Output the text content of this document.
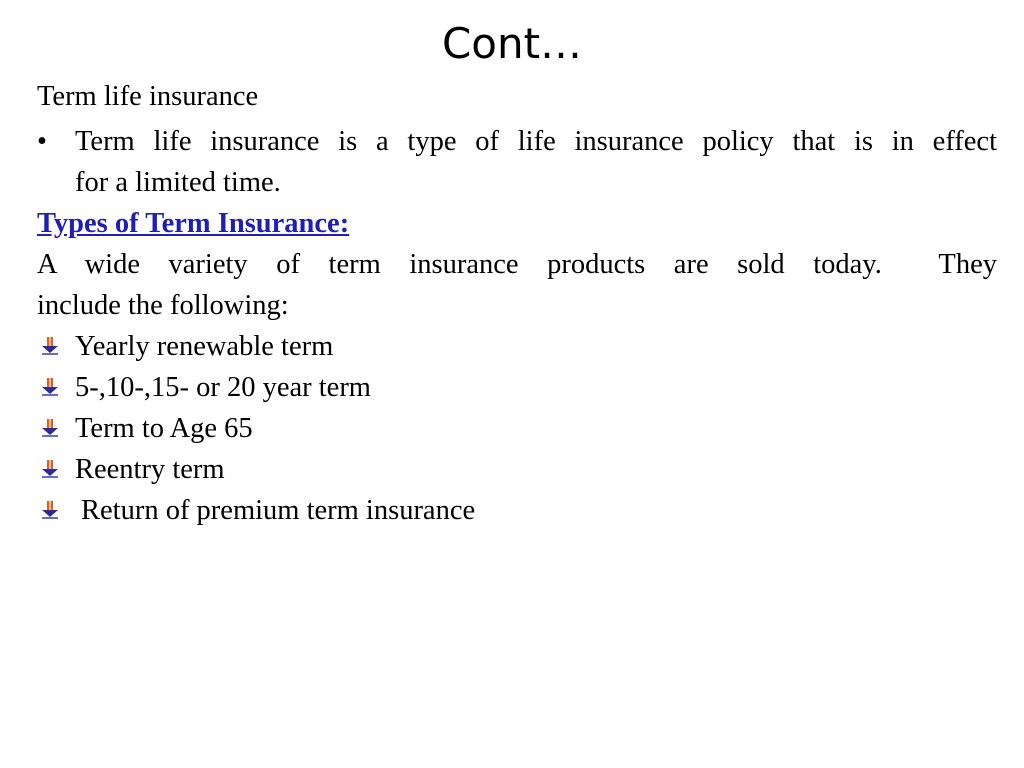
Cont…
Term life insurance
• Term life insurance is a type of life insurance policy that is in effect
for a limited time.
Types of Term Insurance:
A wide variety of term insurance products are sold today.  They
include the following:
Yearly renewable term
5-,10-,15- or 20 year term
Term to Age 65
Reentry term
Return of premium term insurance
